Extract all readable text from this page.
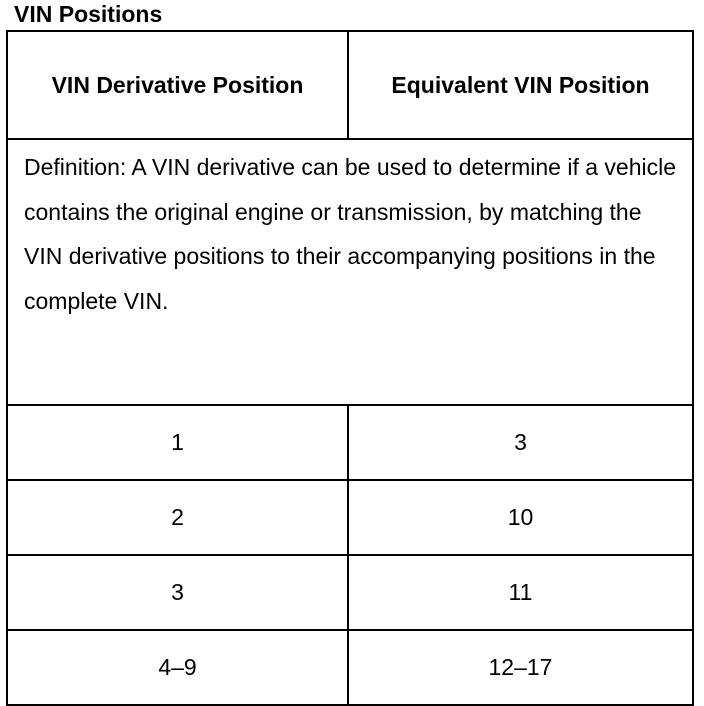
VIN Positions
VIN Derivative Position	Equivalent VIN Position
Definition: A VIN derivative can be used to determine if a vehicle contains the original engine or transmission, by matching the VIN derivative positions to their accompanying positions in the complete VIN.	
1	3
2	10
3	11
4–9	12–17
